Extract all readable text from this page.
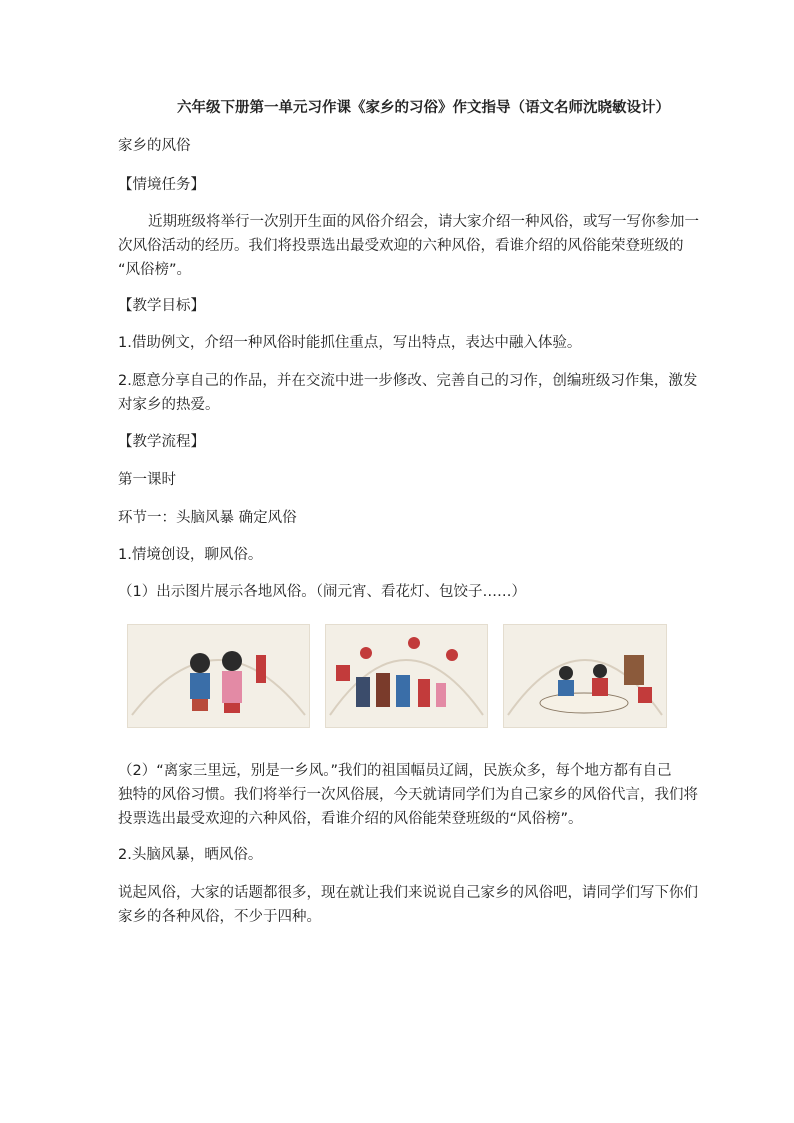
六年级下册第一单元习作课《家乡的习俗》作文指导（语文名师沈晓敏设计）
家乡的风俗
【情境任务】
近期班级将举行一次别开生面的风俗介绍会，请大家介绍一种风俗，或写一写你参加一
次风俗活动的经历。我们将投票选出最受欢迎的六种风俗，看谁介绍的风俗能荣登班级的
“风俗榜”。
【教学目标】
1.借助例文，介绍一种风俗时能抓住重点，写出特点，表达中融入体验。
2.愿意分享自己的作品，并在交流中进一步修改、完善自己的习作，创编班级习作集，激发
对家乡的热爱。
【教学流程】
第一课时
环节一：头脑风暴 确定风俗
1.情境创设，聊风俗。
（1）出示图片展示各地风俗。（闹元宵、看花灯、包饺子……）
（2）“离家三里远，别是一乡风。”我们的祖国幅员辽阔，民族众多，每个地方都有自己
独特的风俗习惯。我们将举行一次风俗展，今天就请同学们为自己家乡的风俗代言，我们将
投票选出最受欢迎的六种风俗，看谁介绍的风俗能荣登班级的“风俗榜”。
2.头脑风暴，晒风俗。
说起风俗，大家的话题都很多，现在就让我们来说说自己家乡的风俗吧，请同学们写下你们
家乡的各种风俗，不少于四种。
